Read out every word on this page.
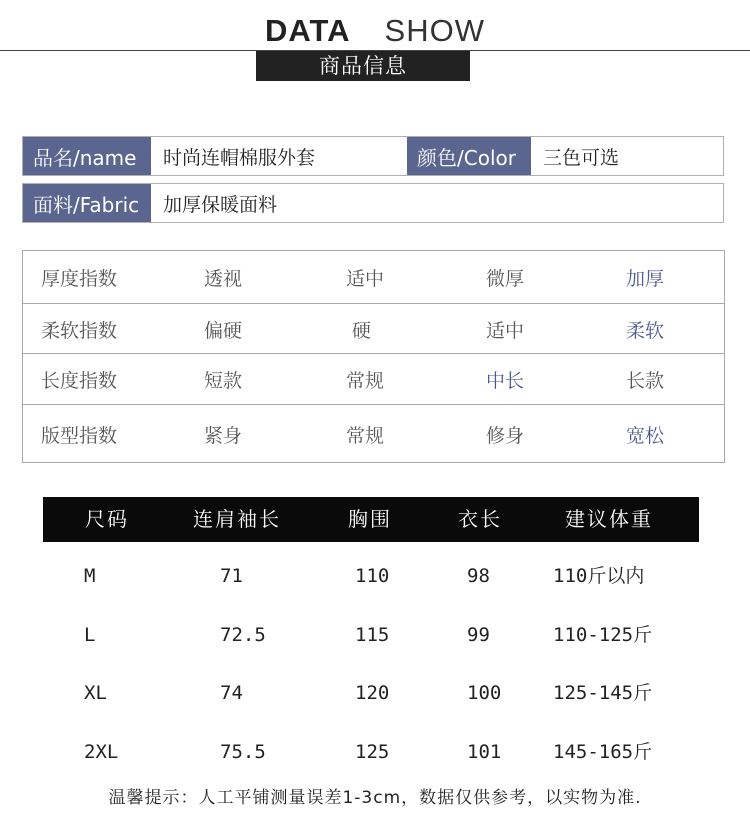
DATA SHOW
商品信息
品名/name	时尚连帽棉服外套	颜色/Color	三色可选
面料/Fabric	加厚保暖面料
厚度指数	透视	适中	微厚	加厚
柔软指数	偏硬	硬	适中	柔软
长度指数	短款	常规	中长	长款
版型指数	紧身	常规	修身	宽松
尺码	连肩袖长	胸围	衣长	建议体重
M	71	110	98	110斤以内
L	72.5	115	99	110-125斤
XL	74	120	100	125-145斤
2XL	75.5	125	101	145-165斤
温馨提示：人工平铺测量误差1-3cm，数据仅供参考，以实物为准.
